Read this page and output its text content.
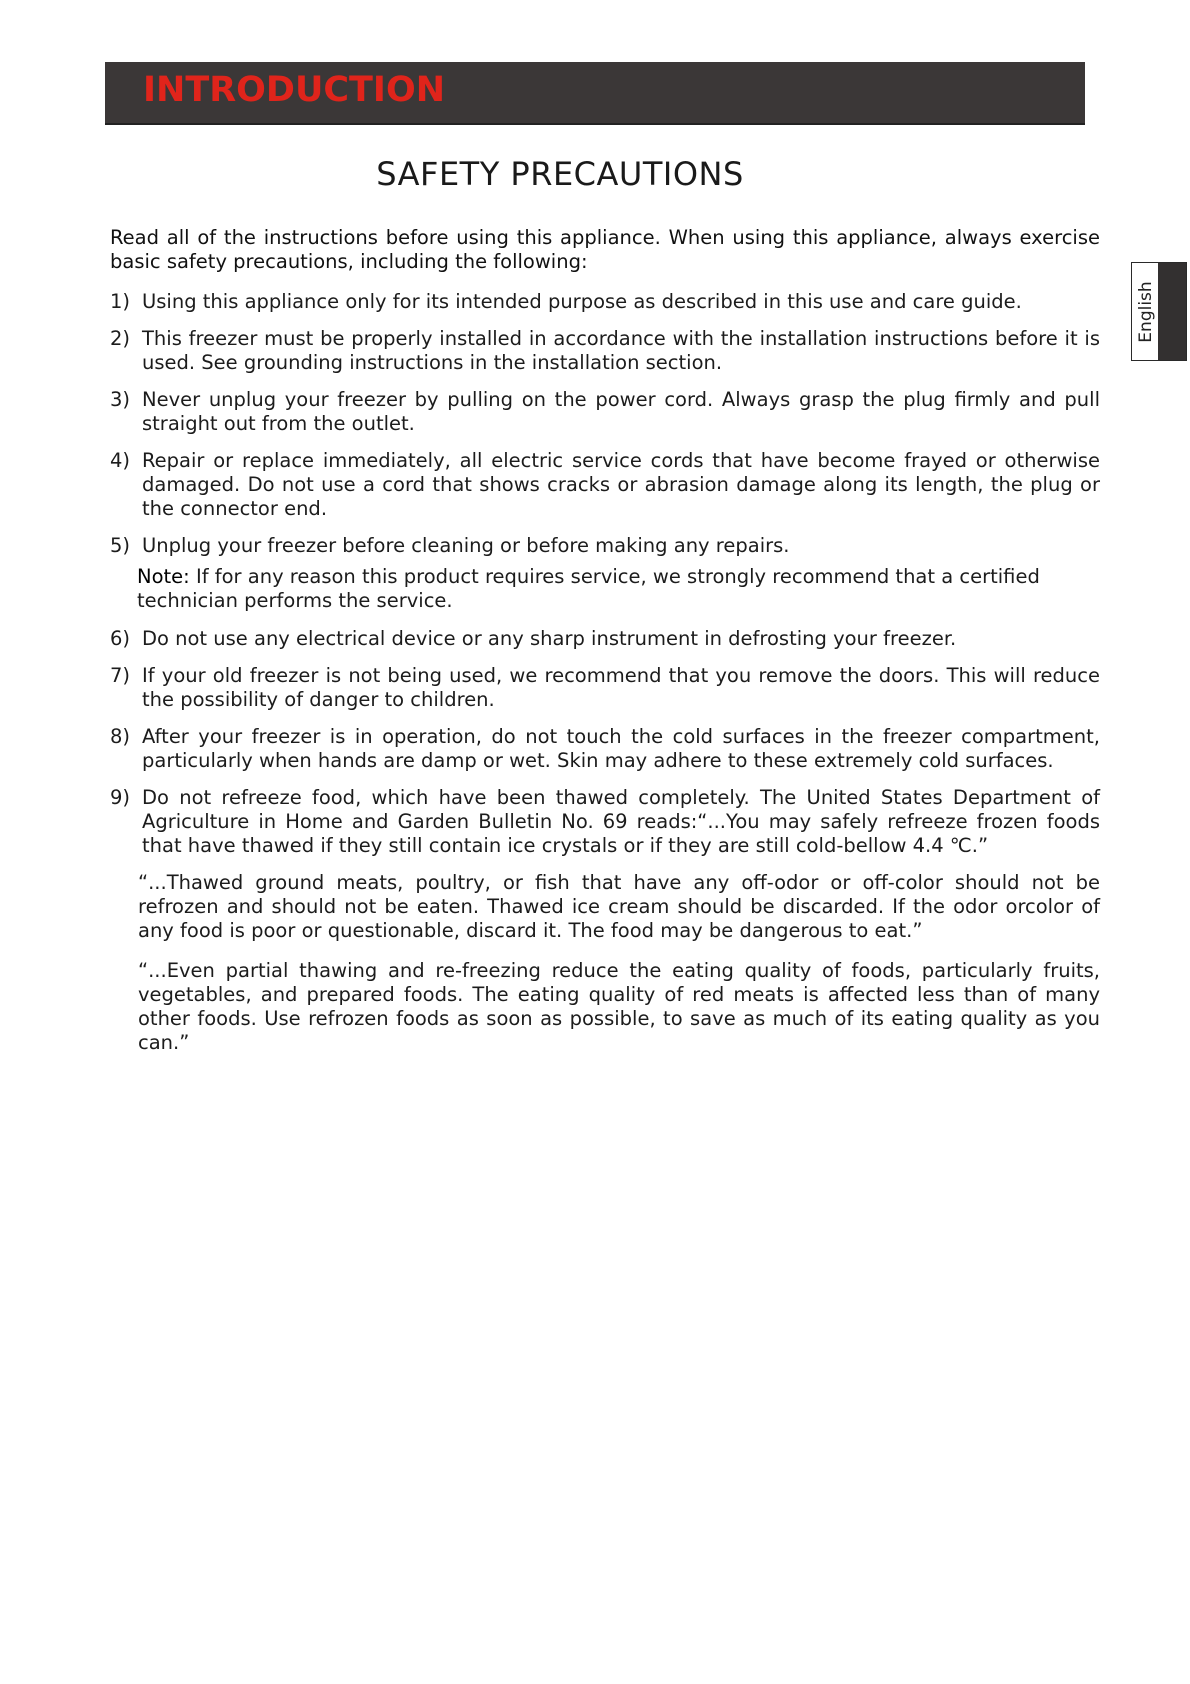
INTRODUCTION
English
SAFETY PRECAUTIONS

Read all of the instructions before using this appliance. When using this appliance, always exercise basic safety precautions, including the following:

1) Using this appliance only for its intended purpose as described in this use and care guide.
2) This freezer must be properly installed in accordance with the installation instructions before it is used. See grounding instructions in the installation section.
3) Never unplug your freezer by pulling on the power cord. Always grasp the plug firmly and pull straight out from the outlet.
4) Repair or replace immediately, all electric service cords that have become frayed or otherwise damaged. Do not use a cord that shows cracks or abrasion damage along its length, the plug or the connector end.
5) Unplug your freezer before cleaning or before making any repairs.
Note: If for any reason this product requires service, we strongly recommend that a certified technician performs the service.
6) Do not use any electrical device or any sharp instrument in defrosting your freezer.
7) If your old freezer is not being used, we recommend that you remove the doors. This will reduce the possibility of danger to children.
8) After your freezer is in operation, do not touch the cold surfaces in the freezer compartment, particularly when hands are damp or wet. Skin may adhere to these extremely cold surfaces.
9) Do not refreeze food, which have been thawed completely. The United States Department of Agriculture in Home and Garden Bulletin No. 69 reads:“...You may safely refreeze frozen foods that have thawed if they still contain ice crystals or if they are still cold-bellow 4.4 ℃.”

“...Thawed ground meats, poultry, or fish that have any off-odor or off-color should not be refrozen and should not be eaten. Thawed ice cream should be discarded. If the odor orcolor of any food is poor or questionable, discard it. The food may be dangerous to eat.”

“...Even partial thawing and re-freezing reduce the eating quality of foods, particularly fruits, vegetables, and prepared foods. The eating quality of red meats is affected less than of many other foods. Use refrozen foods as soon as possible, to save as much of its eating quality as you can.”
